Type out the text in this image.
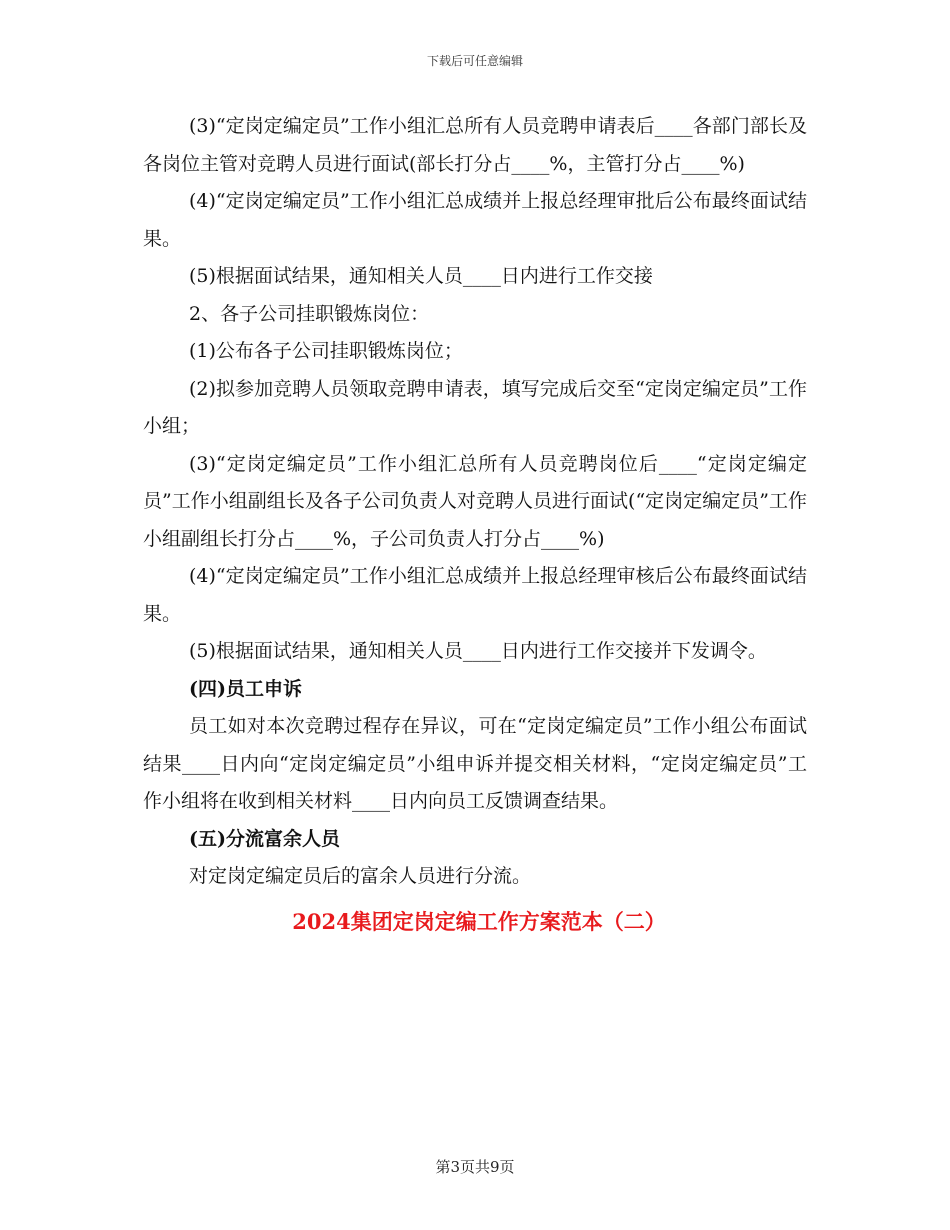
下载后可任意编辑

(3)“定岗定编定员”工作小组汇总所有人员竞聘申请表后____各部门部长及各岗位主管对竞聘人员进行面试(部长打分占____%，主管打分占____%)

(4)“定岗定编定员”工作小组汇总成绩并上报总经理审批后公布最终面试结果。

(5)根据面试结果，通知相关人员____日内进行工作交接

2、各子公司挂职锻炼岗位：

(1)公布各子公司挂职锻炼岗位；

(2)拟参加竞聘人员领取竞聘申请表，填写完成后交至“定岗定编定员”工作小组；

(3)“定岗定编定员”工作小组汇总所有人员竞聘岗位后____“定岗定编定员”工作小组副组长及各子公司负责人对竞聘人员进行面试(“定岗定编定员”工作小组副组长打分占____%，子公司负责人打分占____%)

(4)“定岗定编定员”工作小组汇总成绩并上报总经理审核后公布最终面试结果。

(5)根据面试结果，通知相关人员____日内进行工作交接并下发调令。

(四)员工申诉

员工如对本次竞聘过程存在异议，可在“定岗定编定员”工作小组公布面试结果____日内向“定岗定编定员”小组申诉并提交相关材料，“定岗定编定员”工作小组将在收到相关材料____日内向员工反馈调查结果。

(五)分流富余人员

对定岗定编定员后的富余人员进行分流。

2024集团定岗定编工作方案范本（二）
第3页共9页
